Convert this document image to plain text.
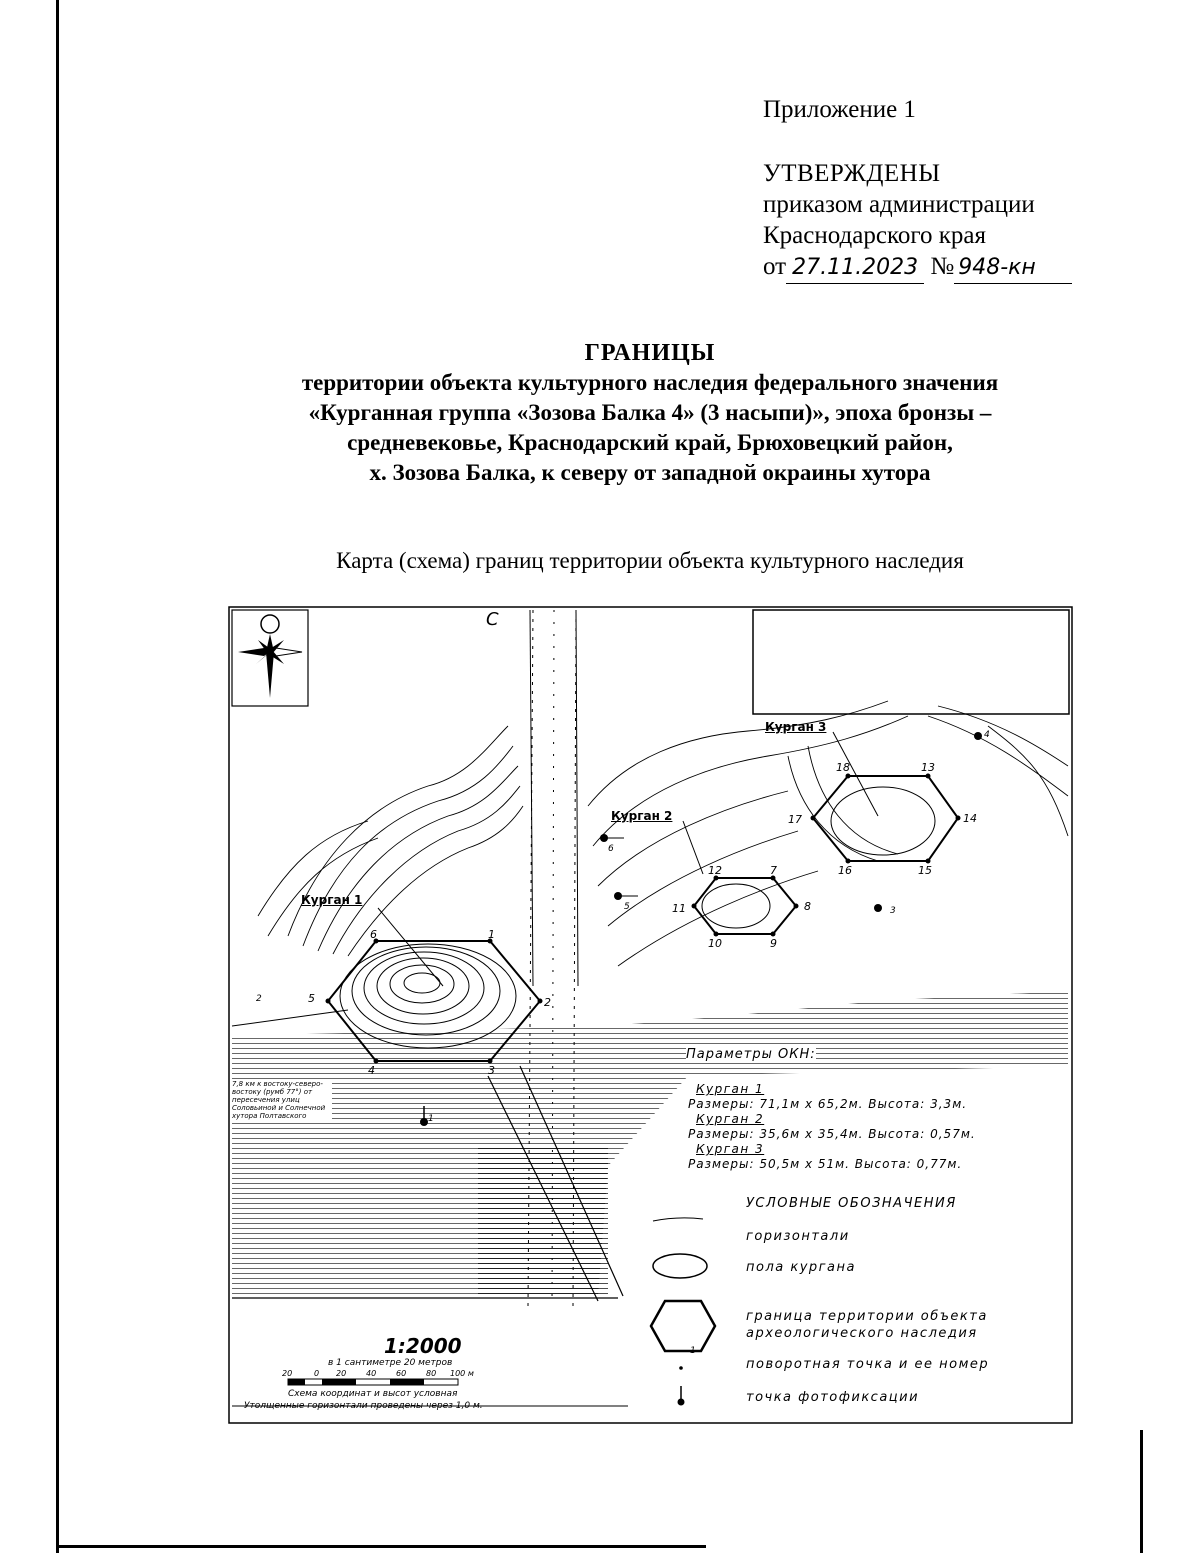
Приложение 1
УТВЕРЖДЕНЫ
приказом администрации
Краснодарского края
от 27.11.2023 № 948-кн
ГРАНИЦЫ
территории объекта культурного наследия федерального значения
«Курганная группа «Зозова Балка 4» (3 насыпи)», эпоха бронзы –
средневековье, Краснодарский край, Брюховецкий район,
х. Зозова Балка, к северу от западной окраины хутора
Карта (схема) границ территории объекта культурного наследия
С
Курган 1
Курган 2
Курган 3
1
2
3
4
5
6
7
8
9
10
11
12
13
14
15
16
17
18
1
2
3
4
5
6
7,8 км к востоку-северо-востоку (румб 77°) от пересечения улиц Соловьиной и Солнечной хутора Полтавского
Параметры ОКН:
Курган 1
Размеры: 71,1м х 65,2м. Высота: 3,3м.
Курган 2
Размеры: 35,6м х 35,4м. Высота: 0,57м.
Курган 3
Размеры: 50,5м х 51м. Высота: 0,77м.
УСЛОВНЫЕ ОБОЗНАЧЕНИЯ
горизонтали
пола кургана
граница территории объекта
археологического наследия
1
поворотная точка и ее номер
точка фотофиксации
1:2000
в 1 сантиметре 20 метров
20	0 20 40 60 80 100 м
Схема координат и высот условная
Утолщенные горизонтали проведены через 1,0 м.
